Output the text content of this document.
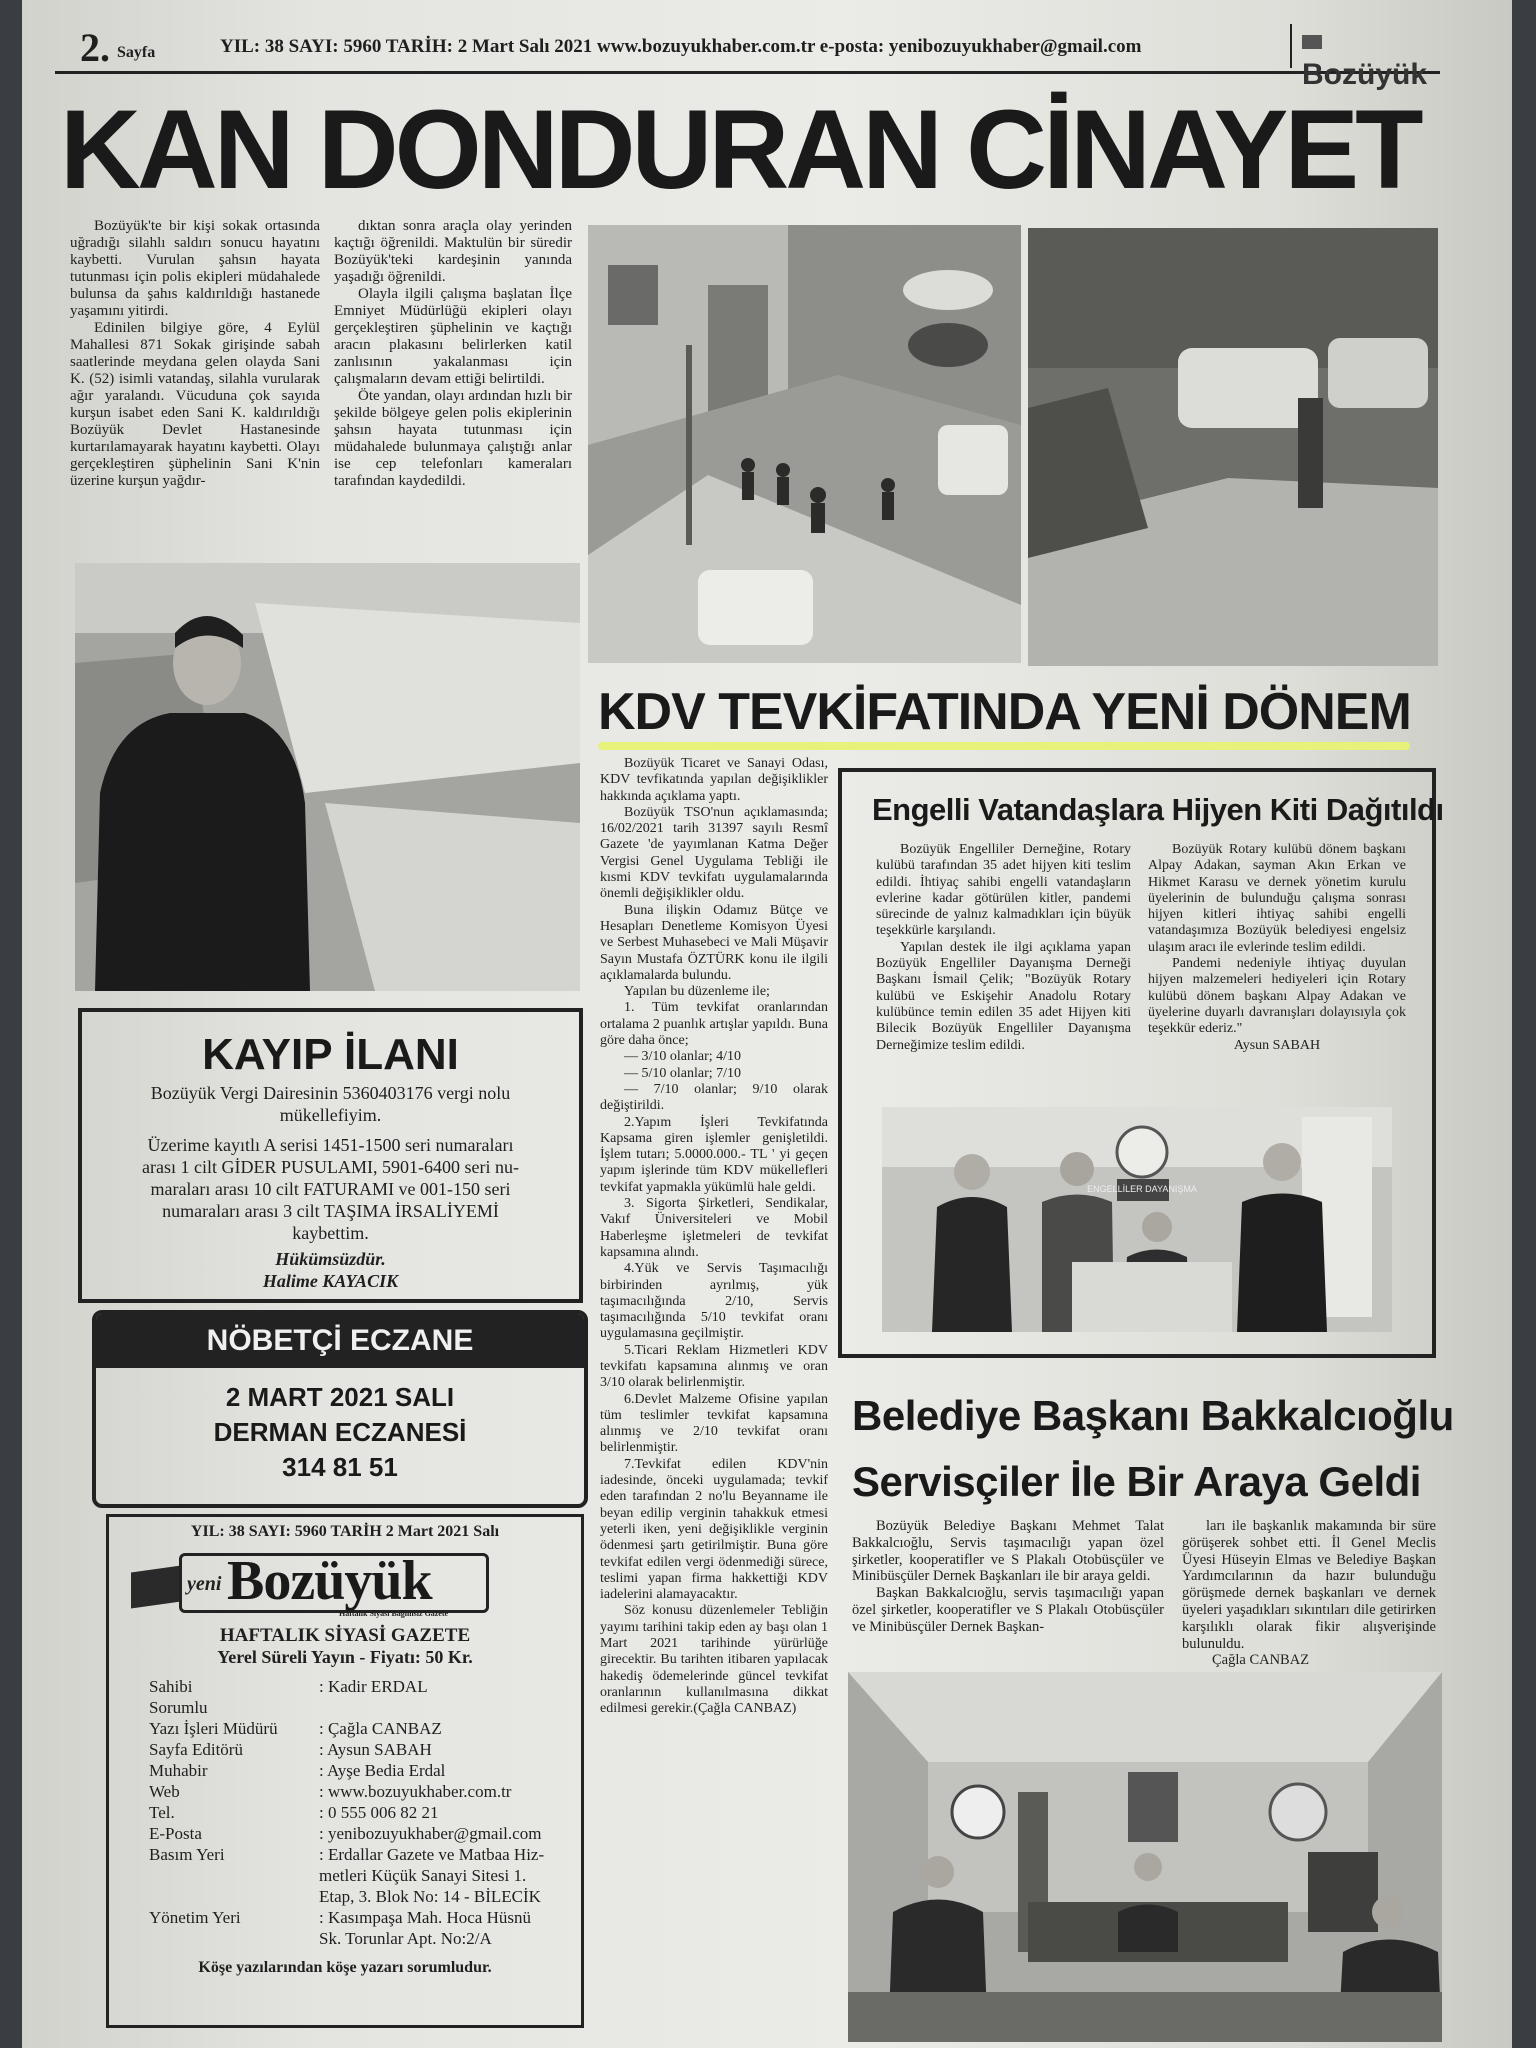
2. Sayfa	YIL: 38 SAYI: 5960 TARİH: 2 Mart Salı 2021 www.bozuyukhaber.com.tr e-posta: yenibozuyukhaber@gmail.com
Bozüyük
KAN DONDURAN CİNAYET

Bozüyük'te bir kişi sokak ortasında uğradığı silahlı saldırı sonucu hayatını kaybetti. Vurulan şahsın hayata tutunması için polis ekipleri müdahalede bulunsa da şahıs kaldırıldığı hastanede yaşamını yitirdi.

Edinilen bilgiye göre, 4 Eylül Mahallesi 871 Sokak girişinde sabah saatlerinde meydana gelen olayda Sani K. (52) isimli vatandaş, silahla vurularak ağır yaralandı. Vücuduna çok sayıda kurşun isabet eden Sani K. kaldırıldığı Bozüyük Devlet Hastanesinde kurtarılamayarak hayatını kaybetti. Olayı gerçekleştiren şüphelinin Sani K'nin üzerine kurşun yağdır-

dıktan sonra araçla olay yerinden kaçtığı öğrenildi. Maktulün bir süredir Bozüyük'teki kardeşinin yanında yaşadığı öğrenildi.

Olayla ilgili çalışma başlatan İlçe Emniyet Müdürlüğü ekipleri olayı gerçekleştiren şüphelinin ve kaçtığı aracın plakasını belirlerken katil zanlısının yakalanması için çalışmaların devam ettiği belirtildi.

Öte yandan, olayı ardından hızlı bir şekilde bölgeye gelen polis ekiplerinin şahsın hayata tutunması için müdahalede bulunmaya çalıştığı anlar ise cep telefonları kameraları tarafından kaydedildi.

KDV TEVKİFATINDA YENİ DÖNEM

Bozüyük Ticaret ve Sanayi Odası, KDV tevfikatında yapılan değişiklikler hakkında açıklama yaptı.

Bozüyük TSO'nun açıklamasında; 16/02/2021 tarih 31397 sayılı Resmî Gazete 'de yayımlanan Katma Değer Vergisi Genel Uygulama Tebliği ile kısmi KDV tevkifatı uygulamalarında önemli değişiklikler oldu.

Buna ilişkin Odamız Bütçe ve Hesapları Denetleme Komisyon Üyesi ve Serbest Muhasebeci ve Mali Müşavir Sayın Mustafa ÖZTÜRK konu ile ilgili açıklamalarda bulundu.

Yapılan bu düzenleme ile;

1. Tüm tevkifat oranlarından ortalama 2 puanlık artışlar yapıldı. Buna göre daha önce;

— 3/10 olanlar; 4/10

— 5/10 olanlar; 7/10

— 7/10 olanlar; 9/10 olarak değiştirildi.

2.Yapım İşleri Tevkifatında Kapsama giren işlemler genişletildi. İşlem tutarı; 5.0000.000.- TL ' yi geçen yapım işlerinde tüm KDV mükellefleri tevkifat yapmakla yükümlü hale geldi.

3. Sigorta Şirketleri, Sendikalar, Vakıf Üniversiteleri ve Mobil Haberleşme işletmeleri de tevkifat kapsamına alındı.

4.Yük ve Servis Taşımacılığı birbirinden ayrılmış, yük taşımacılığında 2/10, Servis taşımacılığında 5/10 tevkifat oranı uygulamasına geçilmiştir.

5.Ticari Reklam Hizmetleri KDV tevkifatı kapsamına alınmış ve oran 3/10 olarak belirlenmiştir.

6.Devlet Malzeme Ofisine yapılan tüm teslimler tevkifat kapsamına alınmış ve 2/10 tevkifat oranı belirlenmiştir.

7.Tevkifat edilen KDV'nin iadesinde, önceki uygulamada; tevkif eden tarafından 2 no'lu Beyanname ile beyan edilip verginin tahakkuk etmesi yeterli iken, yeni değişiklikle verginin ödenmesi şartı getirilmiştir. Buna göre tevkifat edilen vergi ödenmediği sürece, teslimi yapan firma hakkettiği KDV iadelerini alamayacaktır.

Söz konusu düzenlemeler Tebliğin yayımı tarihini takip eden ay başı olan 1 Mart 2021 tarihinde yürürlüğe girecektir. Bu tarihten itibaren yapılacak hakediş ödemelerinde güncel tevkifat oranlarının kullanılmasına dikkat edilmesi gerekir.(Çağla CANBAZ)

Engelli Vatandaşlara Hijyen Kiti Dağıtıldı

Bozüyük Engelliler Derneğine, Rotary kulübü tarafından 35 adet hijyen kiti teslim edildi. İhtiyaç sahibi engelli vatandaşların evlerine kadar götürülen kitler, pandemi sürecinde de yalnız kalmadıkları için büyük teşekkürle karşılandı.

Yapılan destek ile ilgi açıklama yapan Bozüyük Engelliler Dayanışma Derneği Başkanı İsmail Çelik; "Bozüyük Rotary kulübü ve Eskişehir Anadolu Rotary kulübünce temin edilen 35 adet Hijyen kiti Bilecik Bozüyük Engelliler Dayanışma Derneğimize teslim edildi.

Bozüyük Rotary kulübü dönem başkanı Alpay Adakan, sayman Akın Erkan ve Hikmet Karasu ve dernek yönetim kurulu üyelerinin de bulunduğu çalışma sonrası hijyen kitleri ihtiyaç sahibi engelli vatandaşımıza Bozüyük belediyesi engelsiz ulaşım aracı ile evlerinde teslim edildi.

Pandemi nedeniyle ihtiyaç duyulan hijyen malzemeleri hediyeleri için Rotary kulübü dönem başkanı Alpay Adakan ve üyelerine duyarlı davranışları dolayısıyla çok teşekkür ederiz."

Aysun SABAH
ENGELLİLER DAYANIŞMA
Belediye Başkanı Bakkalcıoğlu
Servisçiler İle Bir Araya Geldi

Bozüyük Belediye Başkanı Mehmet Talat Bakkalcıoğlu, Servis taşımacılığı yapan özel şirketler, kooperatifler ve S Plakalı Otobüsçüler ve Minibüsçüler Dernek Başkanları ile bir araya geldi.

Başkan Bakkalcıoğlu, servis taşımacılığı yapan özel şirketler, kooperatifler ve S Plakalı Otobüsçüler ve Minibüsçüler Dernek Başkan-

ları ile başkanlık makamında bir süre görüşerek sohbet etti. İl Genel Meclis Üyesi Hüseyin Elmas ve Belediye Başkan Yardımcılarının da hazır bulunduğu görüşmede dernek başkanları ve dernek üyeleri yaşadıkları sıkıntıları dile getirirken karşılıklı olarak fikir alışverişinde bulunuldu.

Çağla CANBAZ
KAYIP İLANI
Bozüyük Vergi Dairesinin 5360403176 vergi nolu
mükellefiyim.
Üzerime kayıtlı A serisi 1451-1500 seri numaraları
arası 1 cilt GİDER PUSULAMI, 5901-6400 seri nu-
maraları arası 10 cilt FATURAMI ve 001-150 seri
numaraları arası 3 cilt TAŞIMA İRSALİYEMİ
kaybettim.
Hükümsüzdür.
Halime KAYACIK
NÖBETÇİ ECZANE
2 MART 2021 SALI
DERMAN ECZANESİ
314 81 51
YIL: 38 SAYI: 5960 TARİH 2 Mart 2021 Salı
yeni Bozüyük
Haftalık Siyasi Bağımsız Gazete
HAFTALIK SİYASİ GAZETE
Yerel Süreli Yayın - Fiyatı: 50 Kr.
Sahibi	: Kadir ERDAL
Sorumlu
Yazı İşleri Müdürü	: Çağla CANBAZ
Sayfa Editörü	: Aysun SABAH
Muhabir	: Ayşe Bedia Erdal
Web	: www.bozuyukhaber.com.tr
Tel.	: 0 555 006 82 21
E-Posta	: yenibozuyukhaber@gmail.com
Basım Yeri	: Erdallar Gazete ve Matbaa Hiz-
metleri Küçük Sanayi Sitesi 1.
Etap, 3. Blok No: 14 - BİLECİK
Yönetim Yeri	: Kasımpaşa Mah. Hoca Hüsnü
Sk. Torunlar Apt. No:2/A
Köşe yazılarından köşe yazarı sorumludur.
